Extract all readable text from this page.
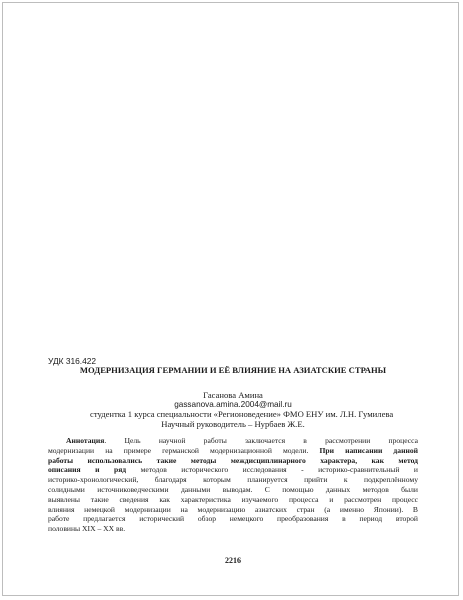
УДК 316.422
МОДЕРНИЗАЦИЯ ГЕРМАНИИ И ЕЁ ВЛИЯНИЕ НА АЗИАТСКИЕ СТРАНЫ
Гасанова Амина
gassanova.amina.2004@mail.ru
студентка 1 курса специальности «Регионоведение» ФМО ЕНУ им. Л.Н. Гумилева
Научный руководитель – Нурбаев Ж.Е.
Аннотация. Цель научной работы заключается в рассмотрении процесса
модернизации на примере германской модернизационной модели. При написании данной
работы использовались такие методы междисциплинарного характера, как метод
описания и ряд методов исторического исследования - историко-сравнительный и
историко-хронологический, благодаря которым планируется прийти к подкреплённому
солидными источниковедческими данными выводам. С помощью данных методов были
выявлены такие сведения как характеристика изучаемого процесса и рассмотрен процесс
влияния немецкой модернизации на модернизацию азиатских стран (а именно Японии). В
работе предлагается исторический обзор немецкого преобразования в период второй
половины XIX – XX вв.
2216
